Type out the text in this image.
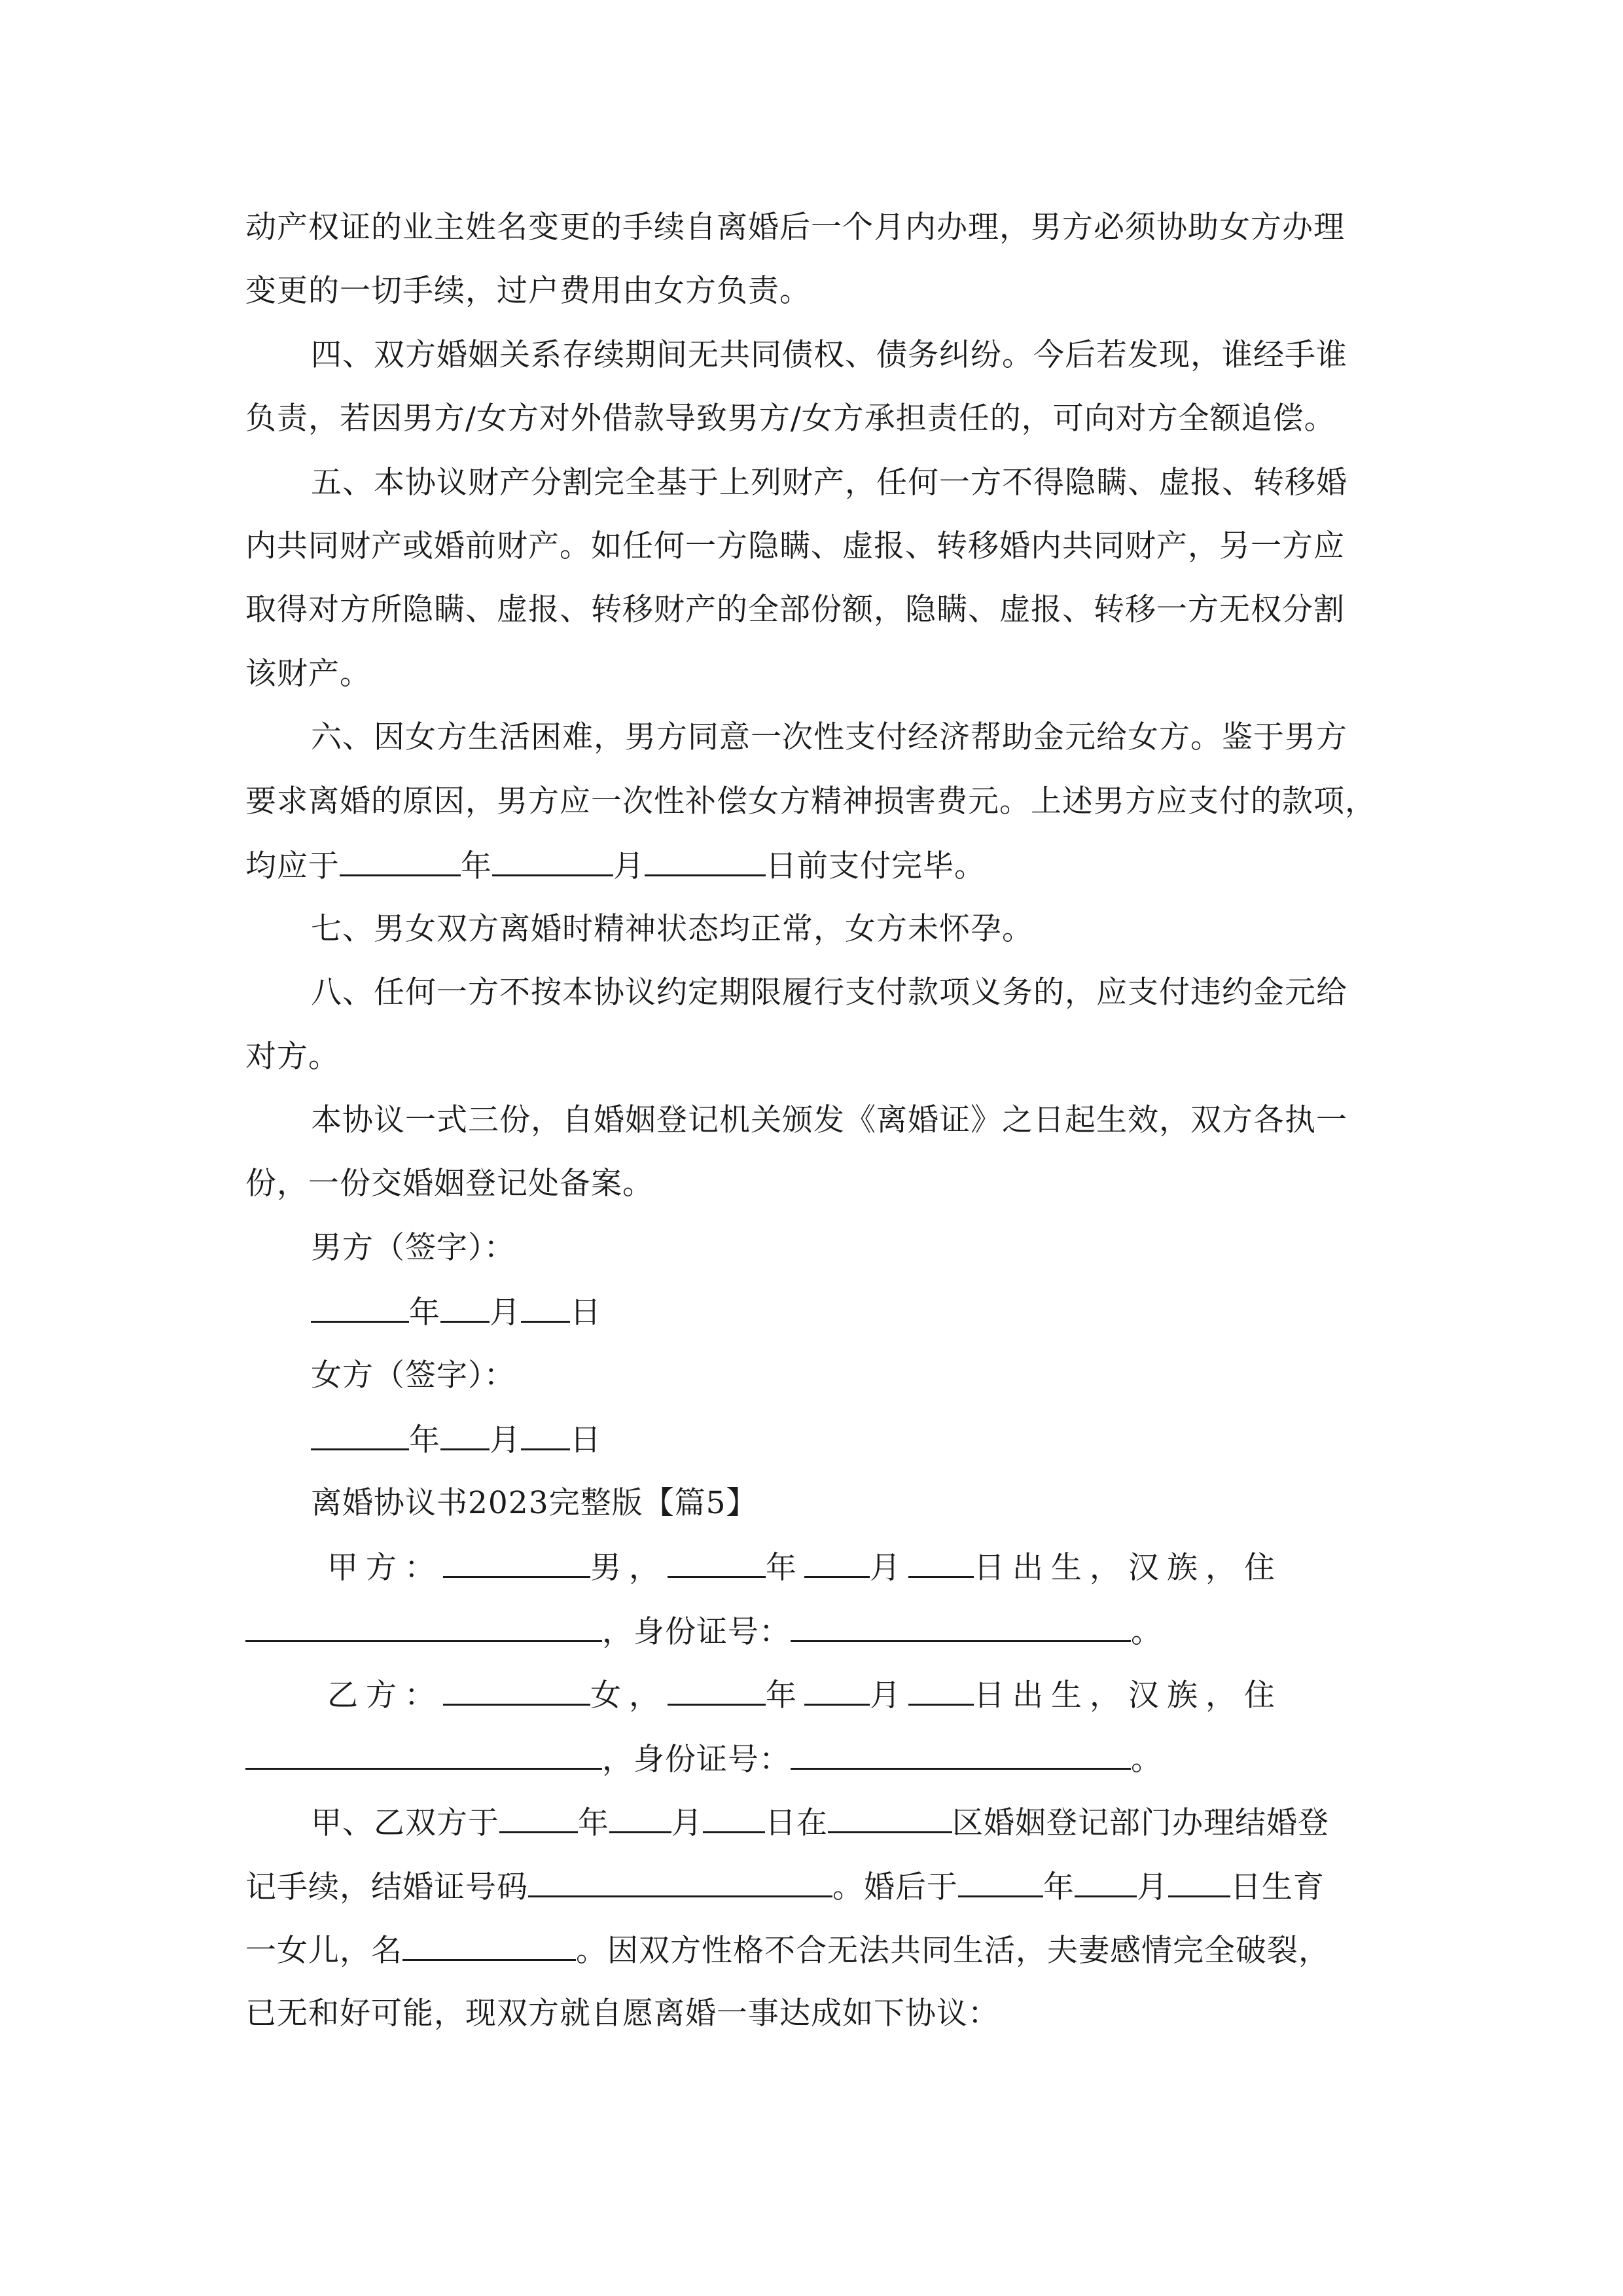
动产权证的业主姓名变更的手续自离婚后一个月内办理，男方必须协助女方办理
变更的一切手续，过户费用由女方负责。
四、双方婚姻关系存续期间无共同债权、债务纠纷。今后若发现，谁经手谁
负责，若因男方/女方对外借款导致男方/女方承担责任的，可向对方全额追偿。
五、本协议财产分割完全基于上列财产，任何一方不得隐瞒、虚报、转移婚
内共同财产或婚前财产。如任何一方隐瞒、虚报、转移婚内共同财产，另一方应
取得对方所隐瞒、虚报、转移财产的全部份额，隐瞒、虚报、转移一方无权分割
该财产。
六、因女方生活困难，男方同意一次性支付经济帮助金元给女方。鉴于男方
要求离婚的原因，男方应一次性补偿女方精神损害费元。上述男方应支付的款项，
均应于	年	月	日前支付完毕。
七、男女双方离婚时精神状态均正常，女方未怀孕。
八、任何一方不按本协议约定期限履行支付款项义务的，应支付违约金元给
对方。
本协议一式三份，自婚姻登记机关颁发《离婚证》之日起生效，双方各执一
份，一份交婚姻登记处备案。
男方（签字）：
年 月 日
女方（签字）：
年 月 日
离婚协议书2023完整版【篇5】
甲方：	男，	年 月 日出生，汉族，住
，身份证号：	。
乙方：	女，	年 月 日出生，汉族，住
，身份证号：	。
甲、乙双方于	年 月 日在	区婚姻登记部门办理结婚登
记手续，结婚证号码	。婚后于	年 月 日生育
一女儿，名	。因双方性格不合无法共同生活，夫妻感情完全破裂，
已无和好可能，现双方就自愿离婚一事达成如下协议：
